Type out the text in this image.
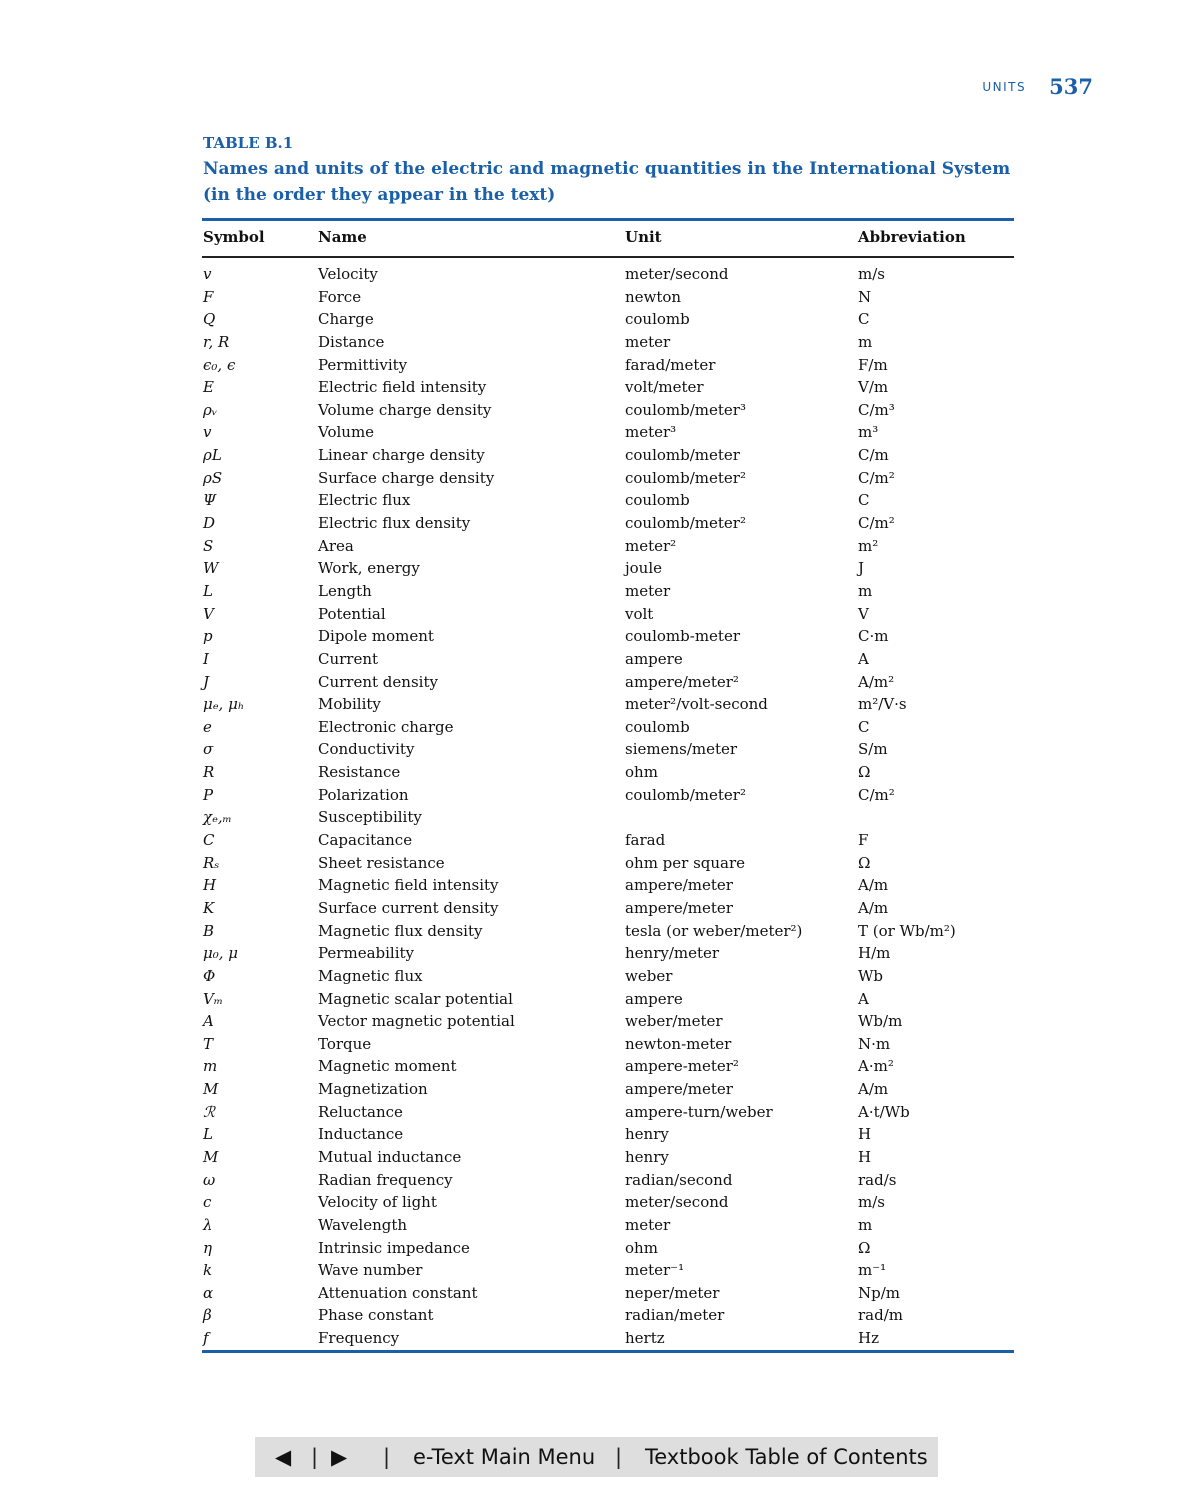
UNITS 537
TABLE B.1
Names and units of the electric and magnetic quantities in the International System (in the order they appear in the text)
Symbol	Name	Unit	Abbreviation
v	Velocity	meter/second	m/s
F	Force	newton	N
Q	Charge	coulomb	C
r, R	Distance	meter	m
ϵ₀, ϵ	Permittivity	farad/meter	F/m
E	Electric field intensity	volt/meter	V/m
ρᵥ	Volume charge density	coulomb/meter³	C/m³
v	Volume	meter³	m³
ρL	Linear charge density	coulomb/meter	C/m
ρS	Surface charge density	coulomb/meter²	C/m²
Ψ	Electric flux	coulomb	C
D	Electric flux density	coulomb/meter²	C/m²
S	Area	meter²	m²
W	Work, energy	joule	J
L	Length	meter	m
V	Potential	volt	V
p	Dipole moment	coulomb-meter	C·m
I	Current	ampere	A
J	Current density	ampere/meter²	A/m²
μₑ, μₕ	Mobility	meter²/volt-second	m²/V·s
e	Electronic charge	coulomb	C
σ	Conductivity	siemens/meter	S/m
R	Resistance	ohm	Ω
P	Polarization	coulomb/meter²	C/m²
χₑ,ₘ	Susceptibility
C	Capacitance	farad	F
Rₛ	Sheet resistance	ohm per square	Ω
H	Magnetic field intensity	ampere/meter	A/m
K	Surface current density	ampere/meter	A/m
B	Magnetic flux density	tesla (or weber/meter²)	T (or Wb/m²)
μ₀, μ	Permeability	henry/meter	H/m
Φ	Magnetic flux	weber	Wb
Vₘ	Magnetic scalar potential	ampere	A
A	Vector magnetic potential	weber/meter	Wb/m
T	Torque	newton-meter	N·m
m	Magnetic moment	ampere-meter²	A·m²
M	Magnetization	ampere/meter	A/m
ℛ	Reluctance	ampere-turn/weber	A·t/Wb
L	Inductance	henry	H
M	Mutual inductance	henry	H
ω	Radian frequency	radian/second	rad/s
c	Velocity of light	meter/second	m/s
λ	Wavelength	meter	m
η	Intrinsic impedance	ohm	Ω
k	Wave number	meter⁻¹	m⁻¹
α	Attenuation constant	neper/meter	Np/m
β	Phase constant	radian/meter	rad/m
f	Frequency	hertz	Hz
◀ | ▶ | e-Text Main Menu | Textbook Table of Contents
